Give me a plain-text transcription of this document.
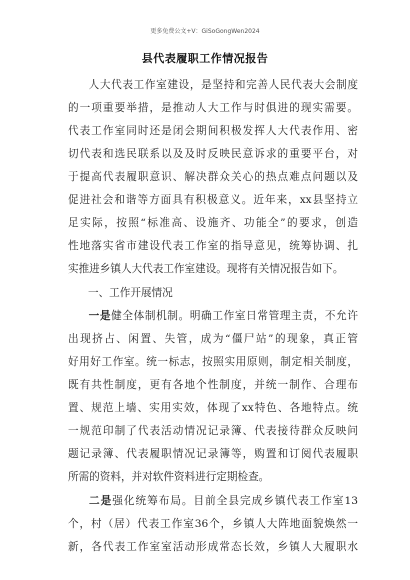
更多免费公文+V：GiSoGongWen2024
县代表履职工作情况报告
人大代表工作室建设，是坚持和完善人民代表大会制度
的一项重要举措，是推动人大工作与时俱进的现实需要。
代表工作室同时还是闭会期间积极发挥人大代表作用、密
切代表和选民联系以及及时反映民意诉求的重要平台，对
于提高代表履职意识、解决群众关心的热点难点问题以及
促进社会和谐等方面具有积极意义。近年来，xx县坚持立
足实际，按照“标准高、设施齐、功能全”的要求，创造
性地落实省市建设代表工作室的指导意见，统筹协调、扎
实推进乡镇人大代表工作室建设。现将有关情况报告如下。
一、工作开展情况
一是健全体制机制。明确工作室日常管理主责，不允许
出现挤占、闲置、失管，成为“僵尸站”的现象，真正管
好用好工作室。统一标志，按照实用原则，制定相关制度，
既有共性制度，更有各地个性制度，并统一制作、合理布
置、规范上墙、实用实效，体现了xx特色、各地特点。统
一规范印制了代表活动情况记录簿、代表接待群众反映问
题记录簿、代表履职情况记录簿等，购置和订阅代表履职
所需的资料，并对软件资料进行定期检查。
二是强化统筹布局。目前全县完成乡镇代表工作室13
个，村（居）代表工作室36个，乡镇人大阵地面貌焕然一
新，各代表工作室室活动形成常态长效，乡镇人大履职水
